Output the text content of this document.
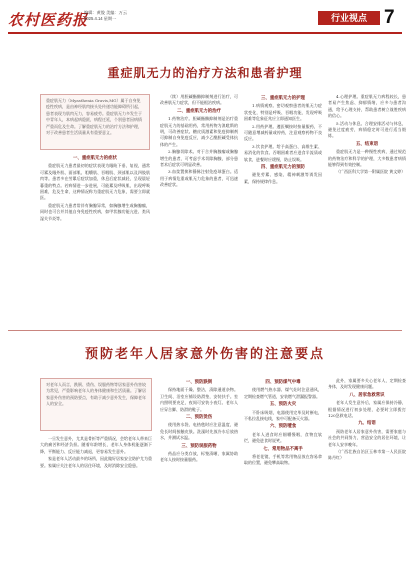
农村医药报
编辑：黄俊 美编：万云
2025.4.14 星期一	行业视点 7
重症肌无力的治疗方法和患者护理
重症肌无力（Myasthenia Gravis,MG）属于自身免疫性疾病，是由神经肌肉接头处传递功能障碍所引起，患者表现为肌肉无力，容易疲劳。重症肌无力多发生于中青年人，本病起病隐匿，病程迁延，个别患者因病情严重而危及生命。了解重症肌无力的治疗方法和护理，对于改善患者生活质量具有重要意义。

一、重症肌无力的症状

重症肌无力患者最初的症状表现为眼睑下垂、复视，通常可累及眼外肌、面部肌、咀嚼肌、吞咽肌、颈部肌以及四肢肌肉等。患者多在劳累后症状加重，休息后症状减轻，呈现晨轻暮重的特点。若病情进一步进展，可能累及呼吸肌，出现呼吸困难，危及生命，这种情况称为重症肌无力危象，需要立即就医。

重症肌无力患者常伴有胸腺异常，如胸腺增生或胸腺瘤，同时也可合并其他自身免疫性疾病，如甲状腺功能亢进、类风湿关节炎等。

（续）用胆碱酯酶抑制剂进行治疗，可改善肌无力症状，但不能根治疾病。

二、重症肌无力的治疗

1.药物治疗。胆碱酯酶抑制剂是治疗重症肌无力的基础用药，常用药物为溴吡斯的明，可改善症状。糖皮质激素和免疫抑制剂可抑制自身免疫反应，减少乙酰胆碱受体抗体的产生。

2.胸腺切除术。对于合并胸腺瘤或胸腺增生的患者，可考虑手术切除胸腺，部分患者术后症状可明显改善。

3.血浆置换和静脉注射免疫球蛋白。适用于病情危重或肌无力危象的患者，可迅速改善症状。

三、重症肌无力的护理

1.病情观察。密切观察患者的肌无力症状变化，特别是呼吸、吞咽功能，发现呼吸困难等危象征兆应立即通知医生。

2.用药护理。遵医嘱按时按量服药，不可随意增减药量或停药，注意观察药物不良反应。

3.饮食护理。给予高蛋白、高维生素、易消化的饮食。吞咽困难者应进食半流质或软食，进餐时应缓慢，防止误吸。

四、重症肌无力的预防

避免劳累、感染、精神刺激等诱发因素，保持规律作息。

4.心理护理。重症肌无力病程较长，患者易产生焦虑、抑郁情绪，应多与患者沟通，给予心理支持，帮助患者树立战胜疾病的信心。

5.活动与休息。合理安排活动与休息，避免过度疲劳，病情稳定时可进行适当锻炼。

五、结束语

重症肌无力是一种慢性疾病，通过规范的药物治疗和科学的护理，大多数患者病情能够得到有效控制。

（广西医科大学第一附属医院 黄文婷）

预防老年人居家意外伤害的注意要点
对老年人而言，跌倒、烫伤、误服药物等居家意外伤害较为常见，严重影响老年人的身体健康和生活质量。了解居家意外伤害的预防要点，有助于减少意外发生，保障老年人的安全。

一旦发生意外，尤其是骨折等严重情况，会给老年人带来巨大的痛苦和经济负担。随着年龄增长，老年人身体机能逐渐下降，平衡能力、反应能力减退，更容易发生意外。

家是老年人活动最多的场所，因此做好居家安全防护尤为重要。家属应关注老年人的居住环境，及时消除安全隐患。

一、预防跌倒

保持地面干燥、整洁，清除通道杂物。卫生间、浴室应铺设防滑垫，安装扶手。室内照明要充足，夜间可安装小夜灯。老年人应穿合脚、防滑的鞋子。

二、预防烫伤

使用热水袋、电热毯时应注意温度，避免长时间接触皮肤。洗澡时先放冷水后放热水，并测试水温。

三、预防误服药物

药品应分类存放，标签清晰，家属协助老年人按时按量服药。

四、预防煤气中毒

使用燃气热水器、煤气灶时注意通风，定期检查燃气管道，安装燃气泄漏报警器。

五、预防火灾

不卧床吸烟，电器使用完毕及时断电，不私拉乱接电线，家中可配备灭火器。

六、预防噎食

老年人进食时应细嚼慢咽，食物宜软烂，避免进食时说笑。

七、常用物品不离手

将老花镜、手机等常用物品放在容易拿取的位置，避免攀高取物。

此外，家属要多关心老年人，定期检查身体，及时发现健康问题。

八、居家急救常识

老年人发生意外后，家属应保持冷静，根据情况进行初步处理，必要时立即拨打120急救电话。

九、结语

预防老年人居家意外伤害，需要家庭与社会的共同努力，营造安全的居住环境，让老年人安享晚年。

（广西壮族自治区玉林市第一人民医院 陈丹红）
